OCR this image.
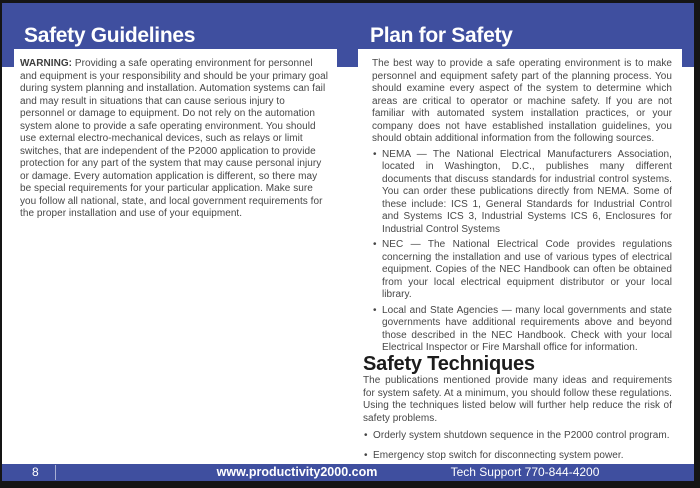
Safety Guidelines	Plan for Safety

WARNING: Providing a safe operating environment for personnel and equipment is your responsibility and should be your primary goal during system planning and installation. Automation systems can fail and may result in situations that can cause serious injury to personnel or damage to equipment. Do not rely on the automation system alone to provide a safe operating environment. You should use external electro-mechanical devices, such as relays or limit switches, that are independent of the P2000 application to provide protection for any part of the system that may cause personal injury or damage. Every automation application is different, so there may be special requirements for your particular application. Make sure you follow all national, state, and local government requirements for the proper installation and use of your equipment.

The best way to provide a safe operating environment is to make personnel and equipment safety part of the planning process. You should examine every aspect of the system to determine which areas are critical to operator or machine safety. If you are not familiar with automated system installation practices, or your company does not have established installation guidelines, you should obtain additional information from the following sources.

• NEMA — The National Electrical Manufacturers Association, located in Washington, D.C., publishes many different documents that discuss standards for industrial control systems. You can order these publications directly from NEMA. Some of these include: ICS 1, General Standards for Industrial Control and Systems ICS 3, Industrial Systems ICS 6, Enclosures for Industrial Control Systems
• NEC — The National Electrical Code provides regulations concerning the installation and use of various types of electrical equipment. Copies of the NEC Handbook can often be obtained from your local electrical equipment distributor or your local library.
• Local and State Agencies — many local governments and state governments have additional requirements above and beyond those described in the NEC Handbook. Check with your local Electrical Inspector or Fire Marshall office for information.
Safety Techniques

The publications mentioned provide many ideas and requirements for system safety. At a minimum, you should follow these regulations. Using the techniques listed below will further help reduce the risk of safety problems.

• Orderly system shutdown sequence in the P2000 control program.
• Emergency stop switch for disconnecting system power.
8	www.productivity2000.com	Tech Support 770-844-4200
